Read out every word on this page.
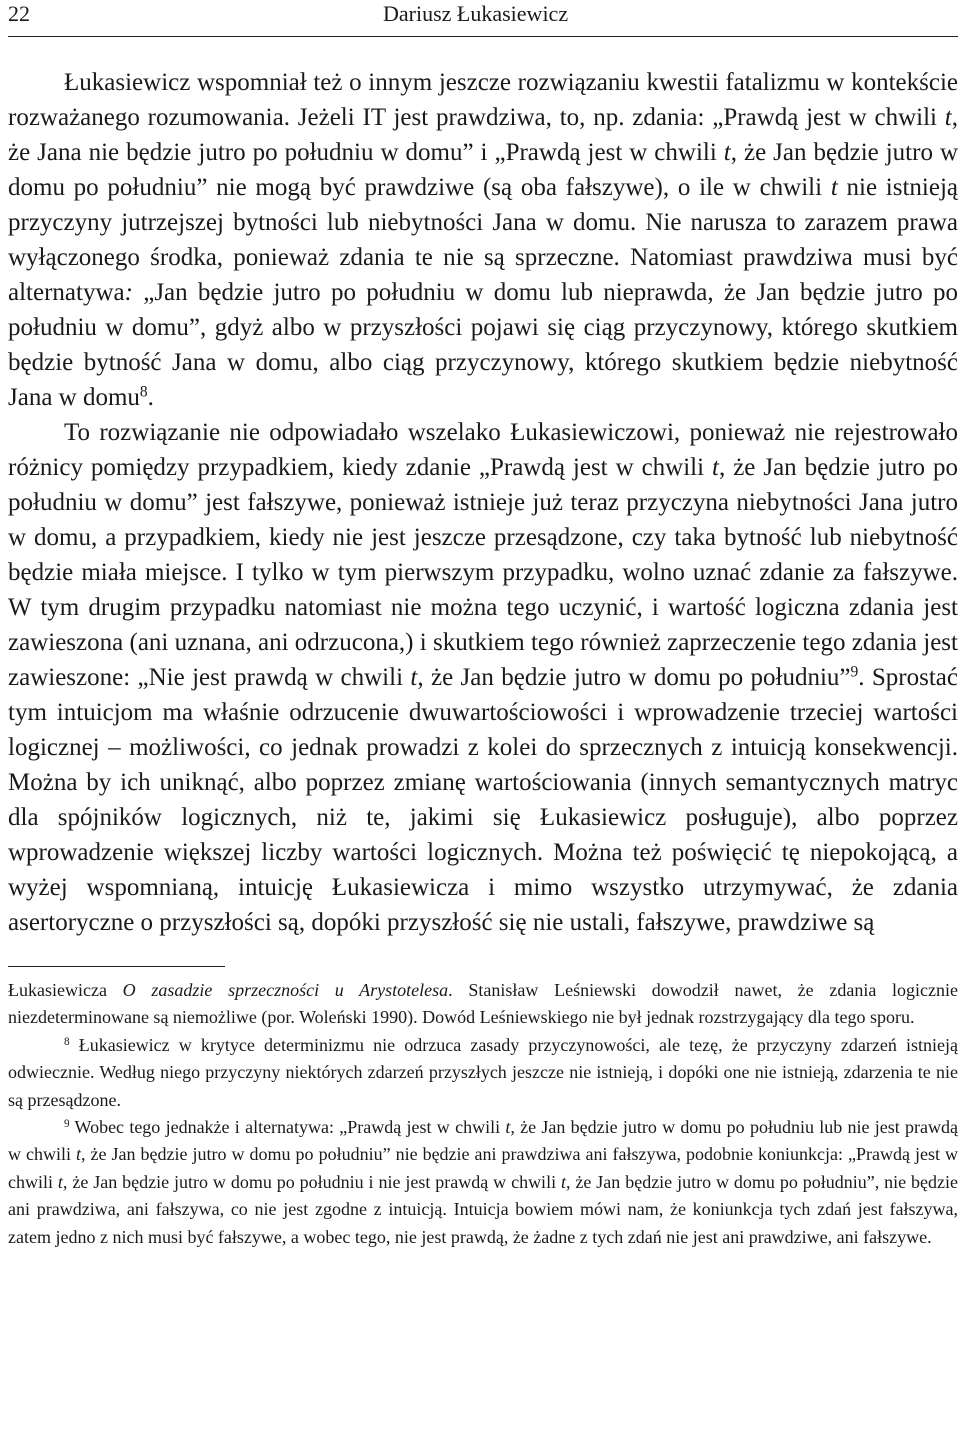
22	Dariusz Łukasiewicz

Łukasiewicz wspomniał też o innym jeszcze rozwiązaniu kwestii fatalizmu w kontekście rozważanego rozumowania. Jeżeli IT jest prawdziwa, to, np. zdania: „Prawdą jest w chwili t, że Jana nie będzie jutro po południu w domu” i „Prawdą jest w chwili t, że Jan będzie jutro w domu po południu” nie mogą być prawdziwe (są oba fałszywe), o ile w chwili t nie istnieją przyczyny jutrzejszej bytności lub niebytności Jana w domu. Nie narusza to zarazem prawa wyłączonego środka, ponieważ zdania te nie są sprzeczne. Natomiast prawdziwa musi być alternatywa: „Jan będzie jutro po południu w domu lub nieprawda, że Jan będzie jutro po południu w domu”, gdyż albo w przyszłości pojawi się ciąg przyczynowy, którego skutkiem będzie bytność Jana w domu, albo ciąg przyczynowy, którego skutkiem będzie niebytność Jana w domu$^8$.

To rozwiązanie nie odpowiadało wszelako Łukasiewiczowi, ponieważ nie rejestrowało różnicy pomiędzy przypadkiem, kiedy zdanie „Prawdą jest w chwili t, że Jan będzie jutro po południu w domu” jest fałszywe, ponieważ istnieje już teraz przyczyna niebytności Jana jutro w domu, a przypadkiem, kiedy nie jest jeszcze przesądzone, czy taka bytność lub niebytność będzie miała miejsce. I tylko w tym pierwszym przypadku, wolno uznać zdanie za fałszywe. W tym drugim przypadku natomiast nie można tego uczynić, i wartość logiczna zdania jest zawieszona (ani uznana, ani odrzucona,) i skutkiem tego również zaprzeczenie tego zdania jest zawieszone: „Nie jest prawdą w chwili t, że Jan będzie jutro w domu po południu”$^9$. Sprostać tym intuicjom ma właśnie odrzucenie dwuwartościowości i wprowadzenie trzeciej wartości logicznej – możliwości, co jednak prowadzi z kolei do sprzecznych z intuicją konsekwencji. Można by ich uniknąć, albo poprzez zmianę wartościowania (innych semantycznych matryc dla spójników logicznych, niż te, jakimi się Łukasiewicz posługuje), albo poprzez wprowadzenie większej liczby wartości logicznych. Można też poświęcić tę niepokojącą, a wyżej wspomnianą, intuicję Łukasiewicza i mimo wszystko utrzymywać, że zdania asertoryczne o przyszłości są, dopóki przyszłość się nie ustali, fałszywe, prawdziwe są

Łukasiewicza O zasadzie sprzeczności u Arystotelesa. Stanisław Leśniewski dowodził nawet, że zdania logicznie niezdeterminowane są niemożliwe (por. Woleński 1990). Dowód Leśniewskiego nie był jednak rozstrzygający dla tego sporu.

$^8$ Łukasiewicz w krytyce determinizmu nie odrzuca zasady przyczynowości, ale tezę, że przyczyny zdarzeń istnieją odwiecznie. Według niego przyczyny niektórych zdarzeń przyszłych jeszcze nie istnieją, i dopóki one nie istnieją, zdarzenia te nie są przesądzone.

$^9$ Wobec tego jednakże i alternatywa: „Prawdą jest w chwili t, że Jan będzie jutro w domu po południu lub nie jest prawdą w chwili t, że Jan będzie jutro w domu po południu” nie będzie ani prawdziwa ani fałszywa, podobnie koniunkcja: „Prawdą jest w chwili t, że Jan będzie jutro w domu po południu i nie jest prawdą w chwili t, że Jan będzie jutro w domu po południu”, nie będzie ani prawdziwa, ani fałszywa, co nie jest zgodne z intuicją. Intuicja bowiem mówi nam, że koniunkcja tych zdań jest fałszywa, zatem jedno z nich musi być fałszywe, a wobec tego, nie jest prawdą, że żadne z tych zdań nie jest ani prawdziwe, ani fałszywe.
